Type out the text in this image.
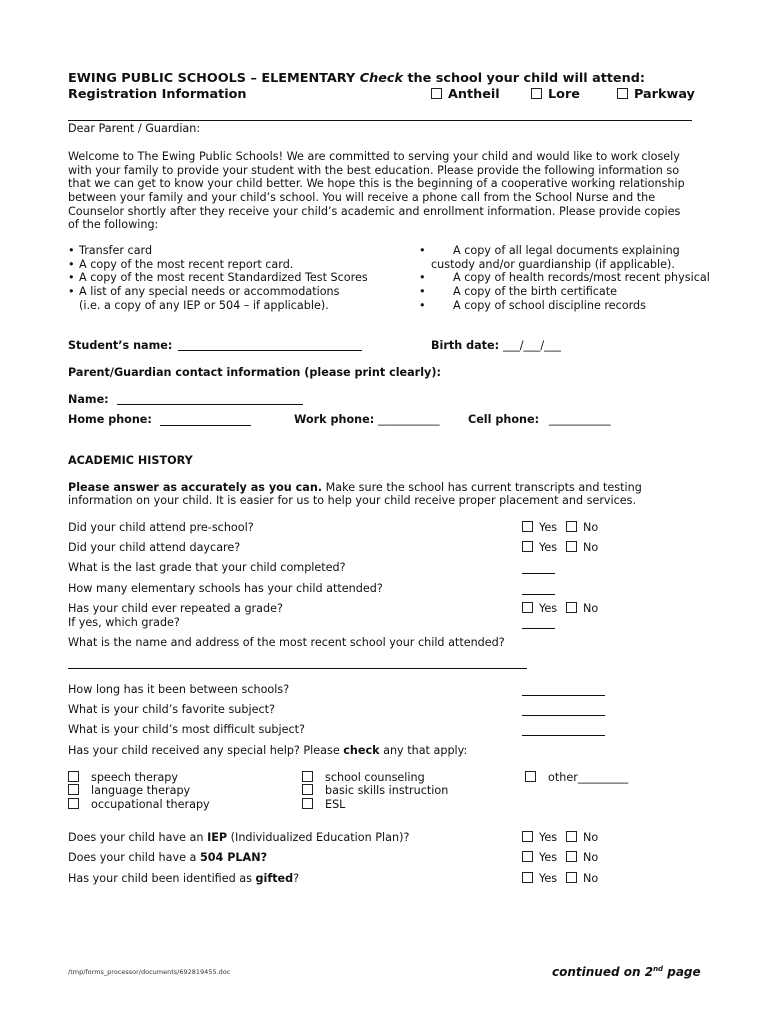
EWING PUBLIC SCHOOLS – ELEMENTARY Check the school your child will attend:
Registration Information	Antheil	Lore	Parkway
Dear Parent / Guardian:
Welcome to The Ewing Public Schools! We are committed to serving your child and would like to work closely
with your family to provide your student with the best education. Please provide the following information so
that we can get to know your child better. We hope this is the beginning of a cooperative working relationship
between your family and your child’s school. You will receive a phone call from the School Nurse and the
Counselor shortly after they receive your child’s academic and enrollment information. Please provide copies
of the following:
• Transfer card
• A copy of the most recent report card.
• A copy of the most recent Standardized Test Scores
• A list of any special needs or accommodations
(i.e. a copy of any IEP or 504 – if applicable).
• A copy of all legal documents explaining
custody and/or guardianship (if applicable).
• A copy of health records/most recent physical
• A copy of the birth certificate
• A copy of school discipline records
Student’s name:	Birth date: ___/___/___
Parent/Guardian contact information (please print clearly):
Name:
Home phone:	Work phone: ___________	Cell phone: ___________
ACADEMIC HISTORY
Please answer as accurately as you can. Make sure the school has current transcripts and testing
information on your child. It is easier for us to help your child receive proper placement and services.
Did your child attend pre-school?	Yes	No
Did your child attend daycare?	Yes	No
What is the last grade that your child completed?
How many elementary schools has your child attended?
Has your child ever repeated a grade?	Yes	No
If yes, which grade?
What is the name and address of the most recent school your child attended?
How long has it been between schools?
What is your child’s favorite subject?
What is your child’s most difficult subject?
Has your child received any special help? Please check any that apply:
speech therapy
language therapy
occupational therapy
school counseling
basic skills instruction
ESL
other_________
Does your child have an IEP (Individualized Education Plan)?	Yes	No
Does your child have a 504 PLAN?	Yes	No
Has your child been identified as gifted?	Yes	No
/tmp/forms_processor/documents/692819455.doc	continued on 2nd page
